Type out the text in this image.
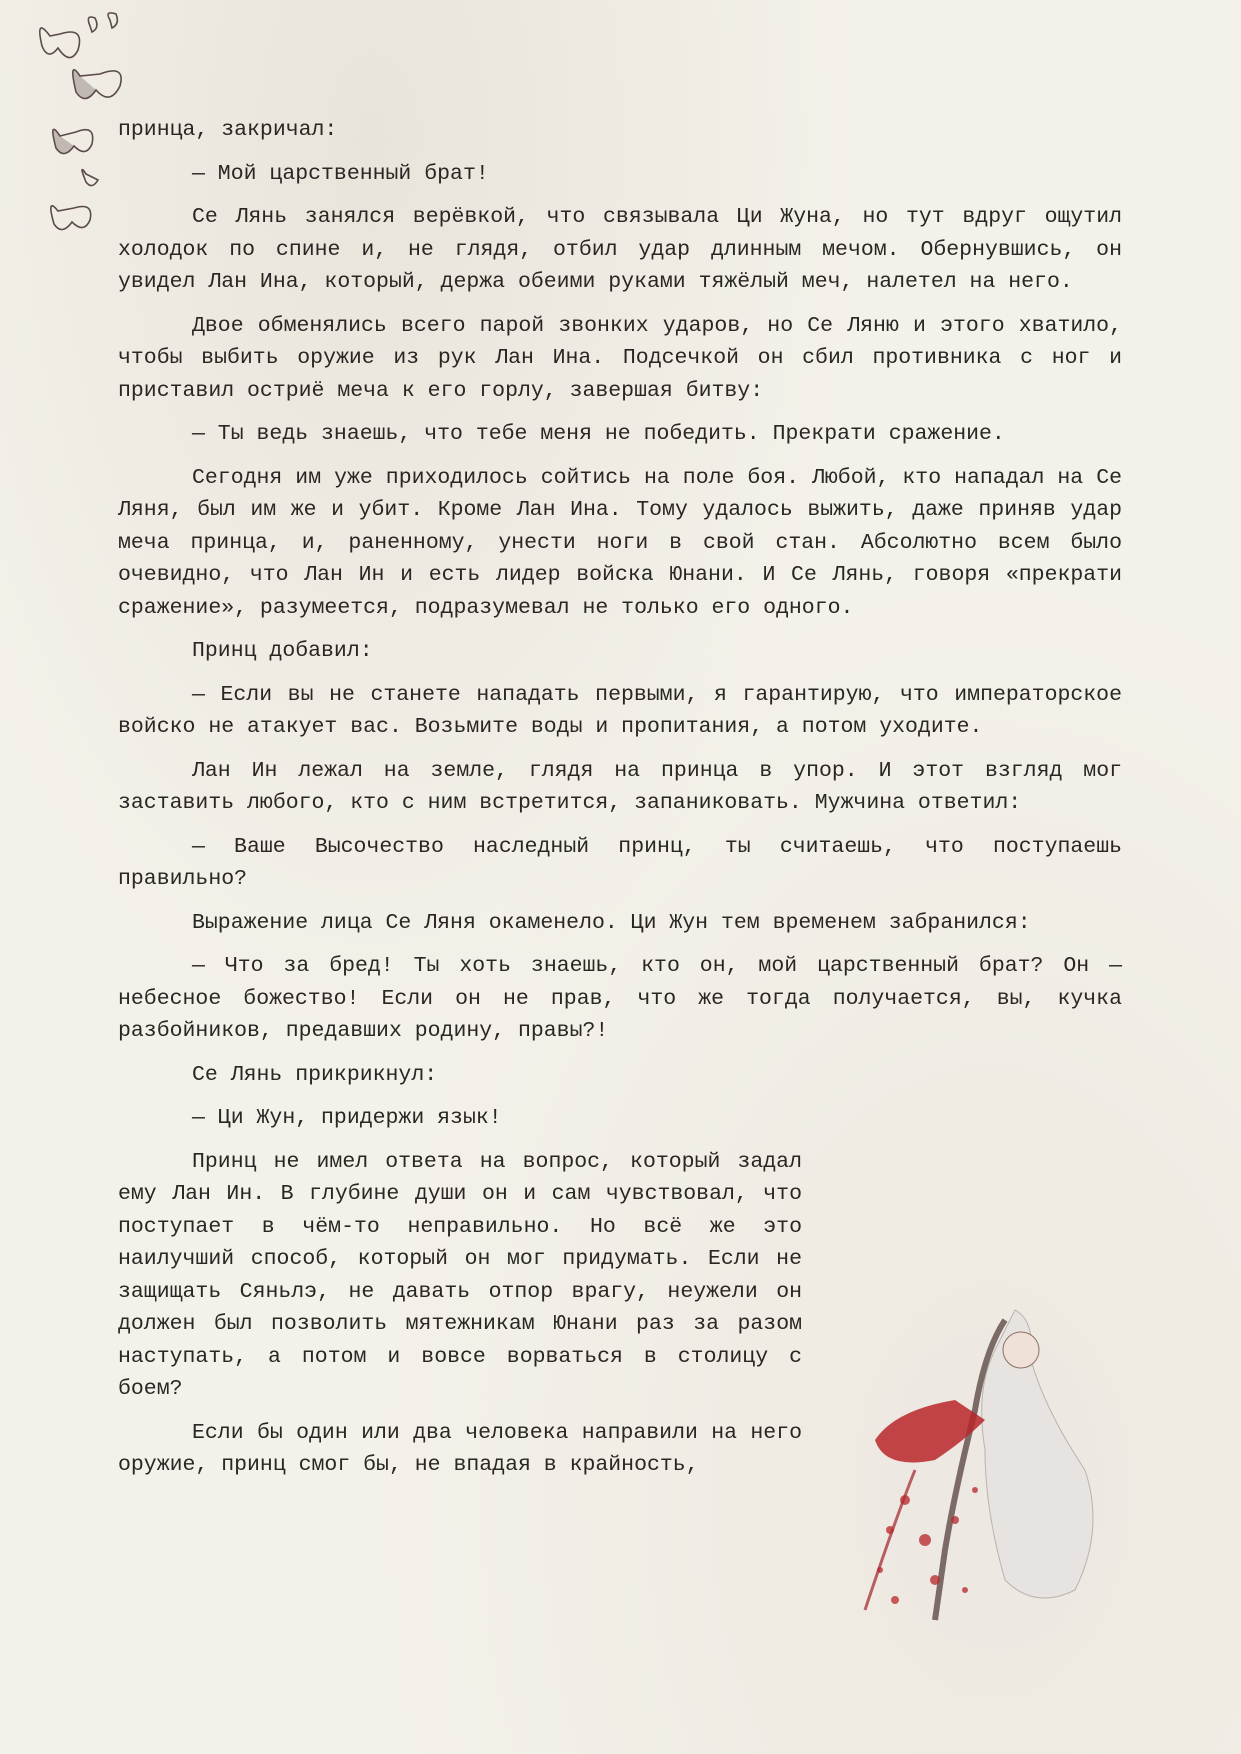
принца, закричал:

— Мой царственный брат!

Се Лянь занялся верёвкой, что связывала Ци Жуна, но тут вдруг ощутил холодок по спине и, не глядя, отбил удар длинным мечом. Обернувшись, он увидел Лан Ина, который, держа обеими руками тяжёлый меч, налетел на него.

Двое обменялись всего парой звонких ударов, но Се Ляню и этого хватило, чтобы выбить оружие из рук Лан Ина. Подсечкой он сбил противника с ног и приставил остриё меча к его горлу, завершая битву:

— Ты ведь знаешь, что тебе меня не победить. Прекрати сражение.

Сегодня им уже приходилось сойтись на поле боя. Любой, кто нападал на Се Ляня, был им же и убит. Кроме Лан Ина. Тому удалось выжить, даже приняв удар меча принца, и, раненному, унести ноги в свой стан. Абсолютно всем было очевидно, что Лан Ин и есть лидер войска Юнани. И Се Лянь, говоря «прекрати сражение», разумеется, подразумевал не только его одного.

Принц добавил:

— Если вы не станете нападать первыми, я гарантирую, что императорское войско не атакует вас. Возьмите воды и пропитания, а потом уходите.

Лан Ин лежал на земле, глядя на принца в упор. И этот взгляд мог заставить любого, кто с ним встретится, запаниковать. Мужчина ответил:

— Ваше Высочество наследный принц, ты считаешь, что поступаешь правильно?

Выражение лица Се Ляня окаменело. Ци Жун тем временем забранился:

— Что за бред! Ты хоть знаешь, кто он, мой царственный брат? Он — небесное божество! Если он не прав, что же тогда получается, вы, кучка разбойников, предавших родину, правы?!

Се Лянь прикрикнул:

— Ци Жун, придержи язык!

Принц не имел ответа на вопрос, который задал ему Лан Ин. В глубине души он и сам чувствовал, что поступает в чём-то неправильно. Но всё же это наилучший способ, который он мог придумать. Если не защищать Сяньлэ, не давать отпор врагу, неужели он должен был позволить мятежникам Юнани раз за разом наступать, а потом и вовсе ворваться в столицу с боем?

Если бы один или два человека направили на него оружие, принц смог бы, не впадая в крайность,
